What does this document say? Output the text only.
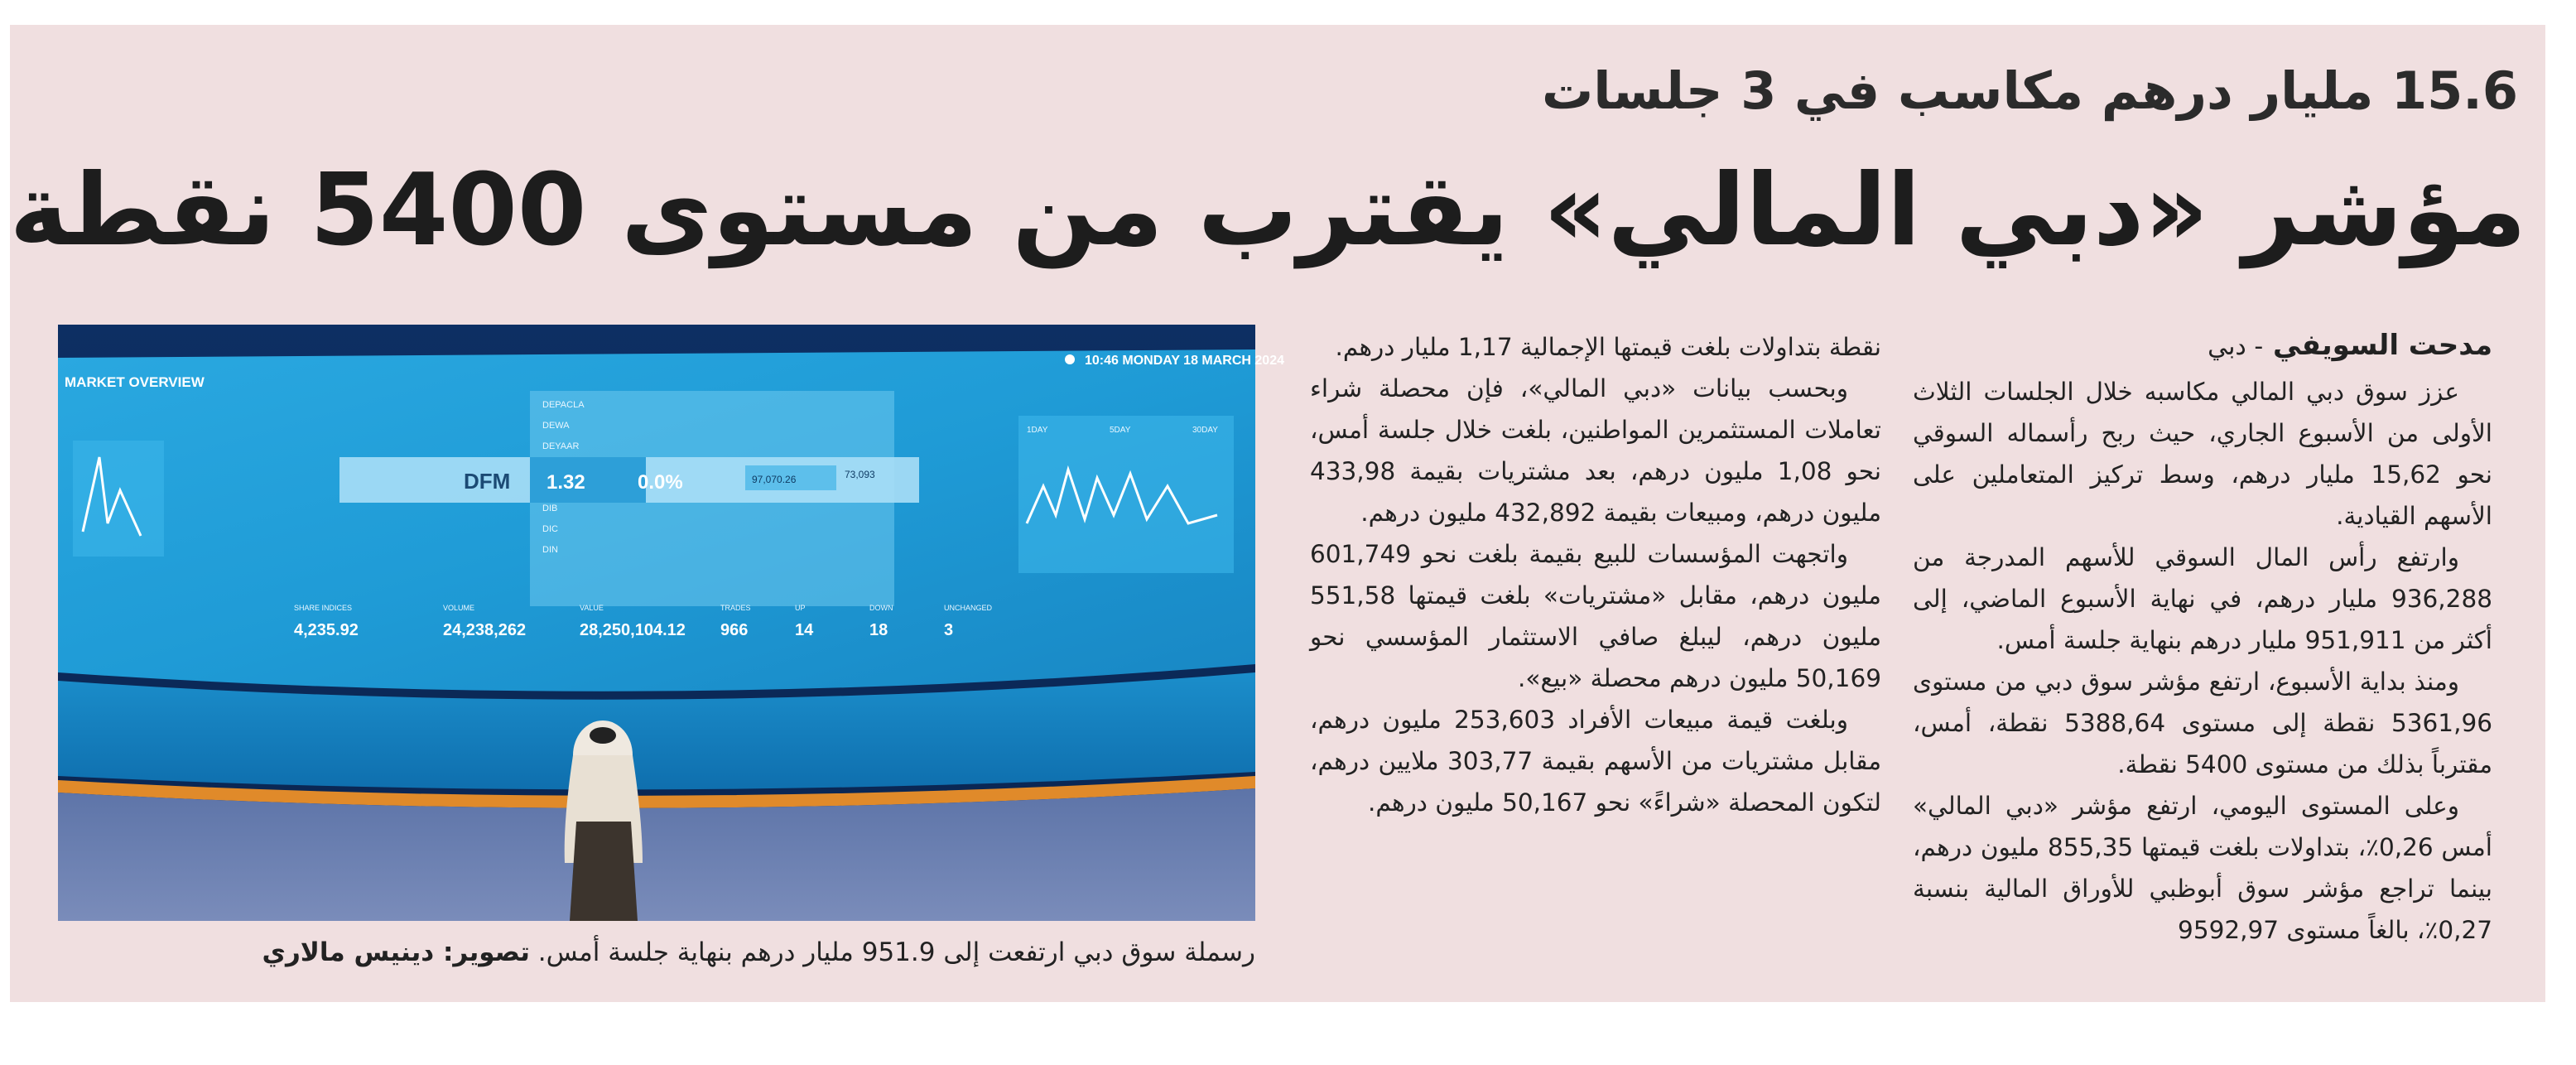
15.6 مليار درهم مكاسب في 3 جلسات
مؤشر «دبي المالي» يقترب من مستوى 5400 نقطة
مدحت السويفي - دبي

عزز سوق دبي المالي مكاسبه خلال الجلسات الثلاث الأولى من الأسبوع الجاري، حيث ربح رأسماله السوقي نحو 15,62 مليار درهم، وسط تركيز المتعاملين على الأسهم القيادية.

وارتفع رأس المال السوقي للأسهم المدرجة من 936,288 مليار درهم، في نهاية الأسبوع الماضي، إلى أكثر من 951,911 مليار درهم بنهاية جلسة أمس.

ومنذ بداية الأسبوع، ارتفع مؤشر سوق دبي من مستوى 5361,96 نقطة إلى مستوى 5388,64 نقطة، أمس، مقترباً بذلك من مستوى 5400 نقطة.

وعلى المستوى اليومي، ارتفع مؤشر «دبي المالي» أمس 0,26٪، بتداولات بلغت قيمتها 855,35 مليون درهم، بينما تراجع مؤشر سوق أبوظبي للأوراق المالية بنسبة 0,27٪، بالغاً مستوى 9592,97

نقطة بتداولات بلغت قيمتها الإجمالية 1,17 مليار درهم.

وبحسب بيانات «دبي المالي»، فإن محصلة شراء تعاملات المستثمرين المواطنين، بلغت خلال جلسة أمس، نحو 1,08 مليون درهم، بعد مشتريات بقيمة 433,98 مليون درهم، ومبيعات بقيمة 432,892 مليون درهم.

واتجهت المؤسسات للبيع بقيمة بلغت نحو 601,749 مليون درهم، مقابل «مشتريات» بلغت قيمتها 551,58 مليون درهم، ليبلغ صافي الاستثمار المؤسسي نحو 50,169 مليون درهم محصلة «بيع».

وبلغت قيمة مبيعات الأفراد 253,603 مليون درهم، مقابل مشتريات من الأسهم بقيمة 303,77 ملايين درهم، لتكون المحصلة «شراءً» نحو 50,167 مليون درهم.

MARKET OVERVIEW
10:46 MONDAY 18 MARCH 2024
DEPACLA
DEWA
DEYAAR
DIB
DIC
DIN
DFM 1.32	0.0%	97,070.26	73,093
1DAY	5DAY	30DAY
SHARE INDICES	VOLUME	VALUE	TRADES	UP	DOWN	UNCHANGED
4,235.92	24,238,262	28,250,104.12 966	14	18	3
رسملة سوق دبي ارتفعت إلى 951.9 مليار درهم بنهاية جلسة أمس. تصوير: دينيس مالاري
